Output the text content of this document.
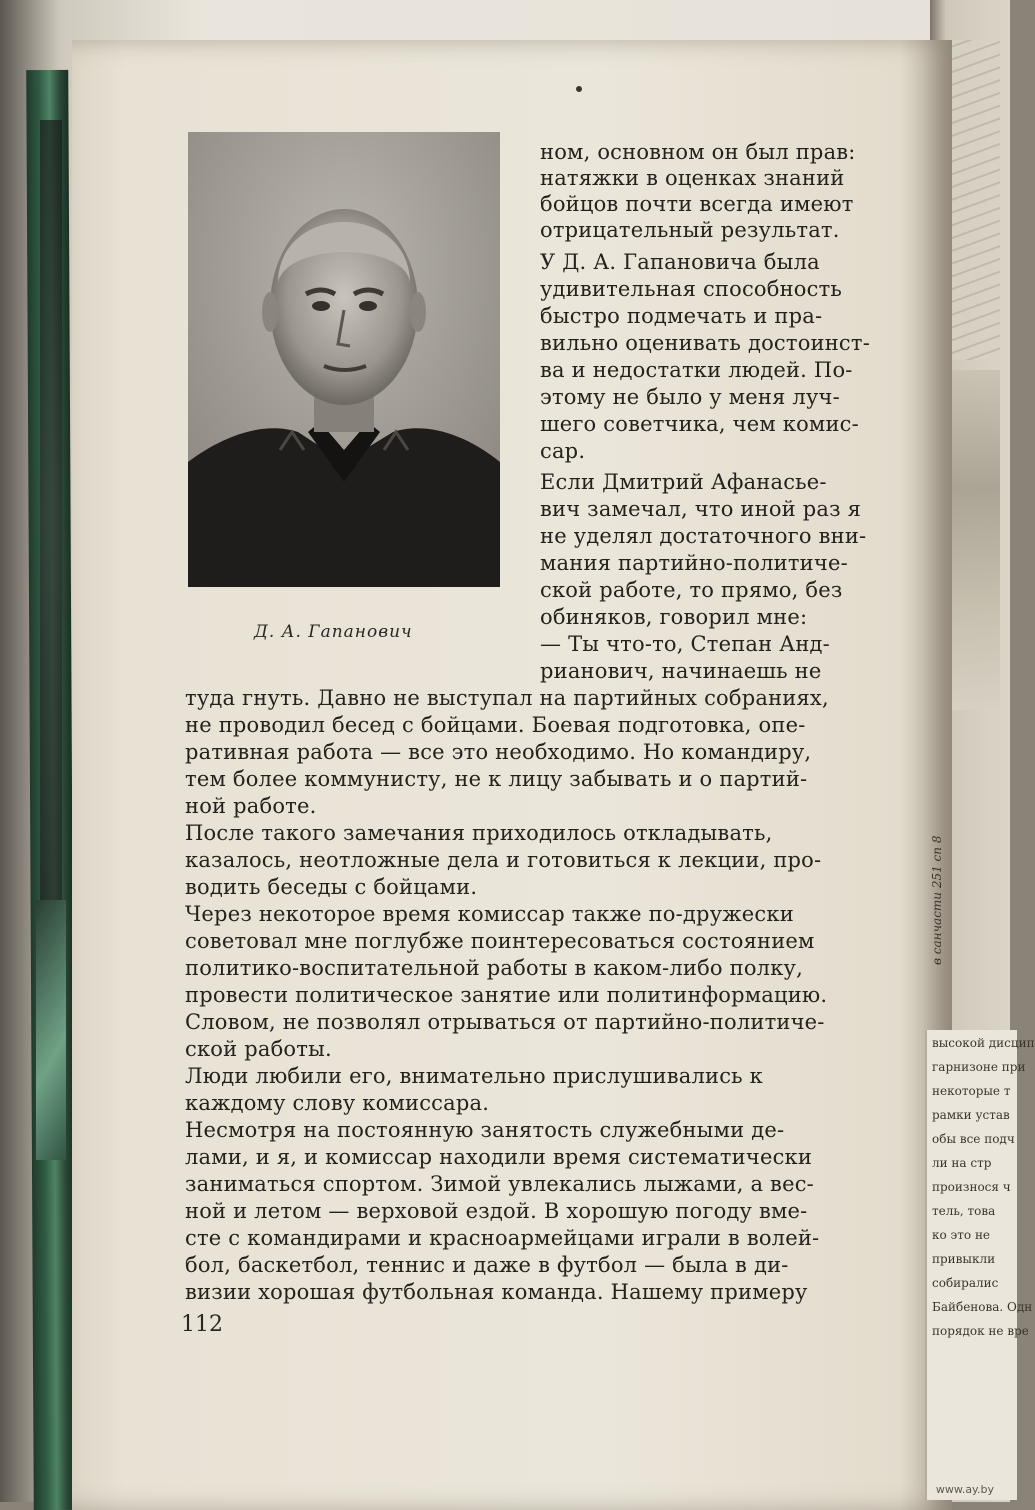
Д. А. Гапанович
ном, основном он был прав:
натяжки в оценках знаний
бойцов почти всегда имеют
отрицательный результат.
У Д. А. Гапановича была
удивительная способность
быстро подмечать и пра-
вильно оценивать достоинст-
ва и недостатки людей. По-
этому не было у меня луч-
шего советчика, чем комис-
сар.
Если Дмитрий Афанасье-
вич замечал, что иной раз я
не уделял достаточного вни-
мания партийно-политиче-
ской работе, то прямо, без
обиняков, говорил мне:
— Ты что-то, Степан Анд-
рианович, начинаешь не
туда гнуть. Давно не выступал на партийных собраниях,
не проводил бесед с бойцами. Боевая подготовка, опе-
ративная работа — все это необходимо. Но командиру,
тем более коммунисту, не к лицу забывать и о партий-
ной работе.
После такого замечания приходилось откладывать,
казалось, неотложные дела и готовиться к лекции, про-
водить беседы с бойцами.
Через некоторое время комиссар также по-дружески
советовал мне поглубже поинтересоваться состоянием
политико-воспитательной работы в каком-либо полку,
провести политическое занятие или политинформацию.
Словом, не позволял отрываться от партийно-политиче-
ской работы.
Люди любили его, внимательно прислушивались к
каждому слову комиссара.
Несмотря на постоянную занятость служебными де-
лами, и я, и комиссар находили время систематически
заниматься спортом. Зимой увлекались лыжами, а вес-
ной и летом — верховой ездой. В хорошую погоду вме-
сте с командирами и красноармейцами играли в волей-
бол, баскетбол, теннис и даже в футбол — была в ди-
визии хорошая футбольная команда. Нашему примеру
112
в санчасти 251 сп 8
высокой дисцип
гарнизоне при
некоторые т
рамки устав
обы все подч
ли на стр
произнося ч
тель, това
ко это не
привыкли
собиралис
Байбенова. Одн
порядок не вре
www.ay.by
